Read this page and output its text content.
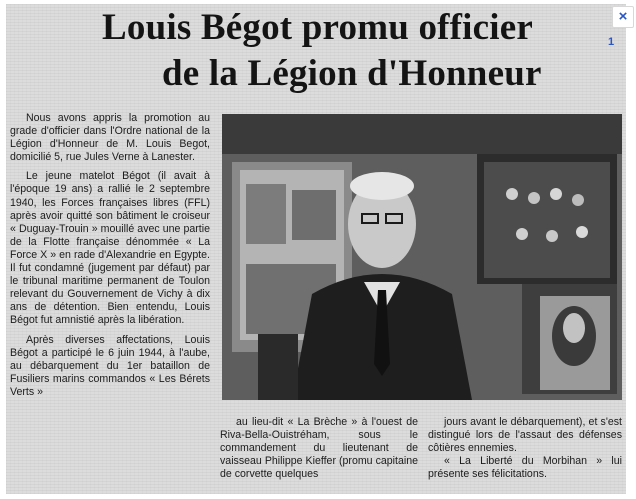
Louis Bégot promu officier
de la Légion d'Honneur

Nous avons appris la promotion au grade d'officier dans l'Ordre national de la Légion d'Honneur de M. Louis Begot, domicilié 5, rue Jules Verne à Lanester.

Le jeune matelot Bégot (il avait à l'époque 19 ans) a rallié le 2 septembre 1940, les Forces françaises libres (FFL) après avoir quitté son bâtiment le croiseur « Duguay-Trouin » mouillé avec une partie de la Flotte française dénommée « La Force X » en rade d'Alexandrie en Egypte. Il fut condamné (jugement par défaut) par le tribunal maritime permanent de Toulon relevant du Gouvernement de Vichy à dix ans de détention. Bien entendu, Louis Bégot fut amnistié après la libération.

Après diverses affectations, Louis Bégot a participé le 6 juin 1944, à l'aube, au débarquement du 1er bataillon de Fusiliers marins commandos « Les Bérets Verts »

au lieu-dit « La Brèche » à l'ouest de Riva-Bella-Ouistréham, sous le commandement du lieutenant de vaisseau Philippe Kieffer (promu capitaine de corvette quelques

jours avant le débarquement), et s'est distingué lors de l'assaut des défenses côtières ennemies.

« La Liberté du Morbihan » lui présente ses félicitations.

×
1
